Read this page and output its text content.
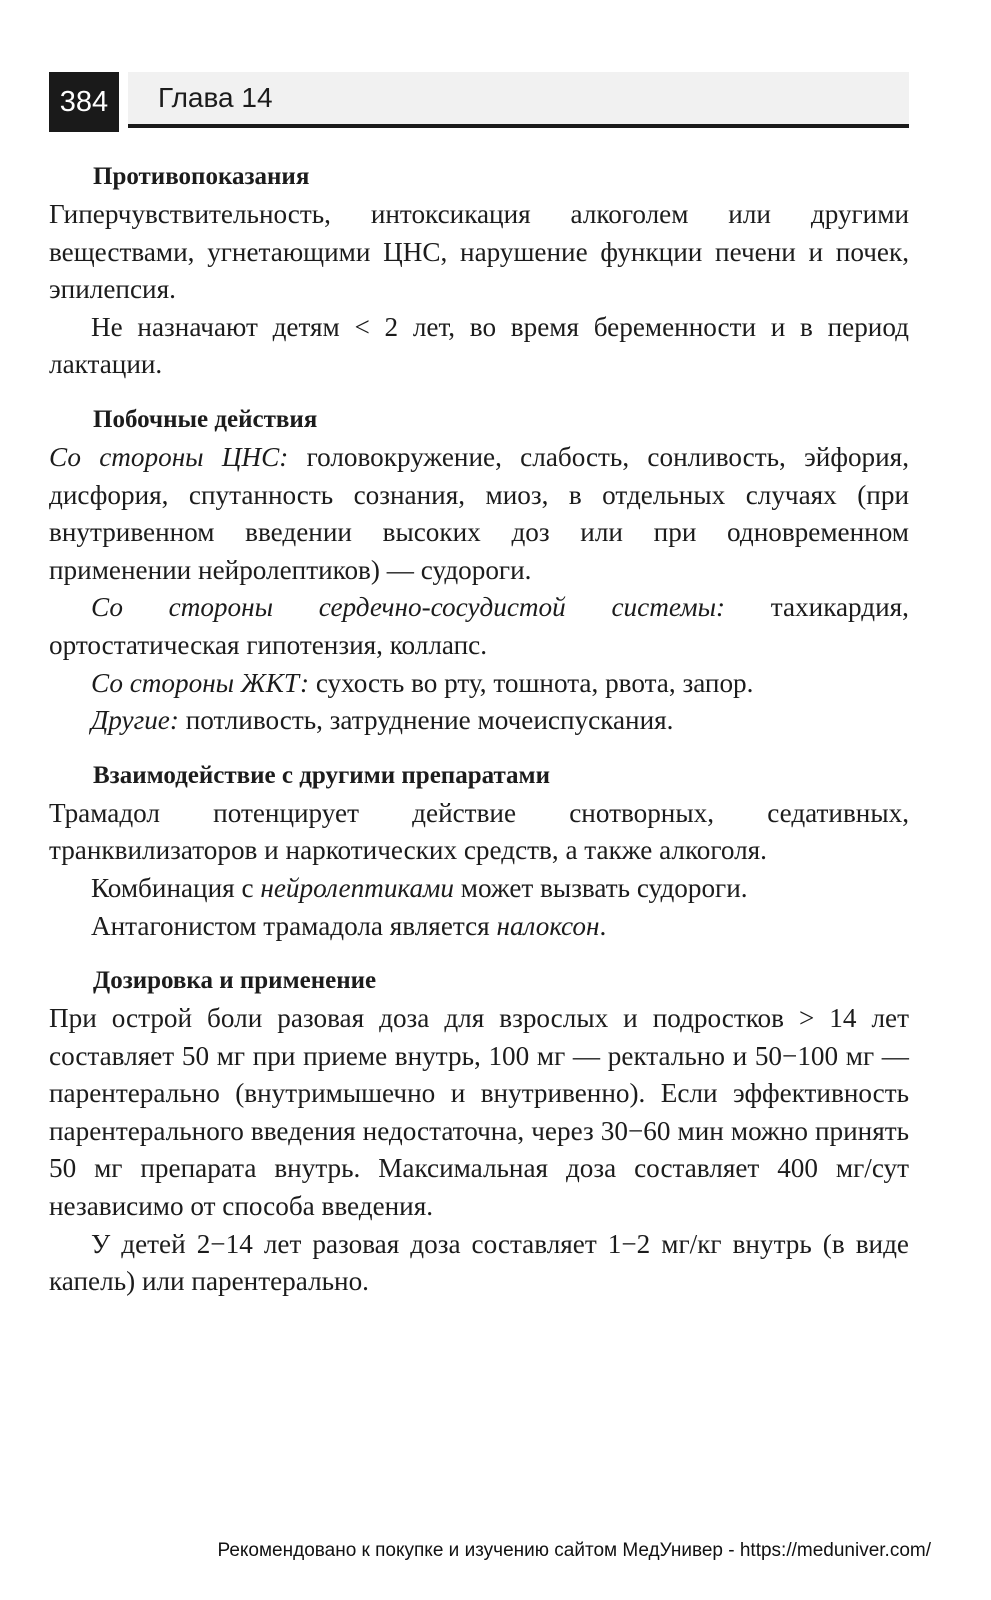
384	Глава 14
Противопоказания

Гиперчувствительность, интоксикация алкоголем или другими веществами, угнетающими ЦНС, нарушение функции печени и почек, эпилепсия.

Не назначают детям < 2 лет, во время беременности и в период лактации.

Побочные действия

Со стороны ЦНС: головокружение, слабость, сонливость, эйфория, дисфория, спутанность сознания, миоз, в отдельных случаях (при внутривенном введении высоких доз или при одновременном применении нейролептиков) — судороги.

Со стороны сердечно-сосудистой системы: тахикардия, ортостатическая гипотензия, коллапс.

Со стороны ЖКТ: сухость во рту, тошнота, рвота, запор.

Другие: потливость, затруднение мочеиспускания.

Взаимодействие с другими препаратами

Трамадол потенцирует действие снотворных, седативных, транквилизаторов и наркотических средств, а также алкоголя.

Комбинация с нейролептиками может вызвать судороги.

Антагонистом трамадола является налоксон.

Дозировка и применение

При острой боли разовая доза для взрослых и подростков > 14 лет составляет 50 мг при приеме внутрь, 100 мг — ректально и 50−100 мг — парентерально (внутримышечно и внутривенно). Если эффективность парентерального введения недостаточна, через 30−60 мин можно принять 50 мг препарата внутрь. Максимальная доза составляет 400 мг/сут независимо от способа введения.

У детей 2−14 лет разовая доза составляет 1−2 мг/кг внутрь (в виде капель) или парентерально.

Рекомендовано к покупке и изучению сайтом МедУнивер - https://meduniver.com/
